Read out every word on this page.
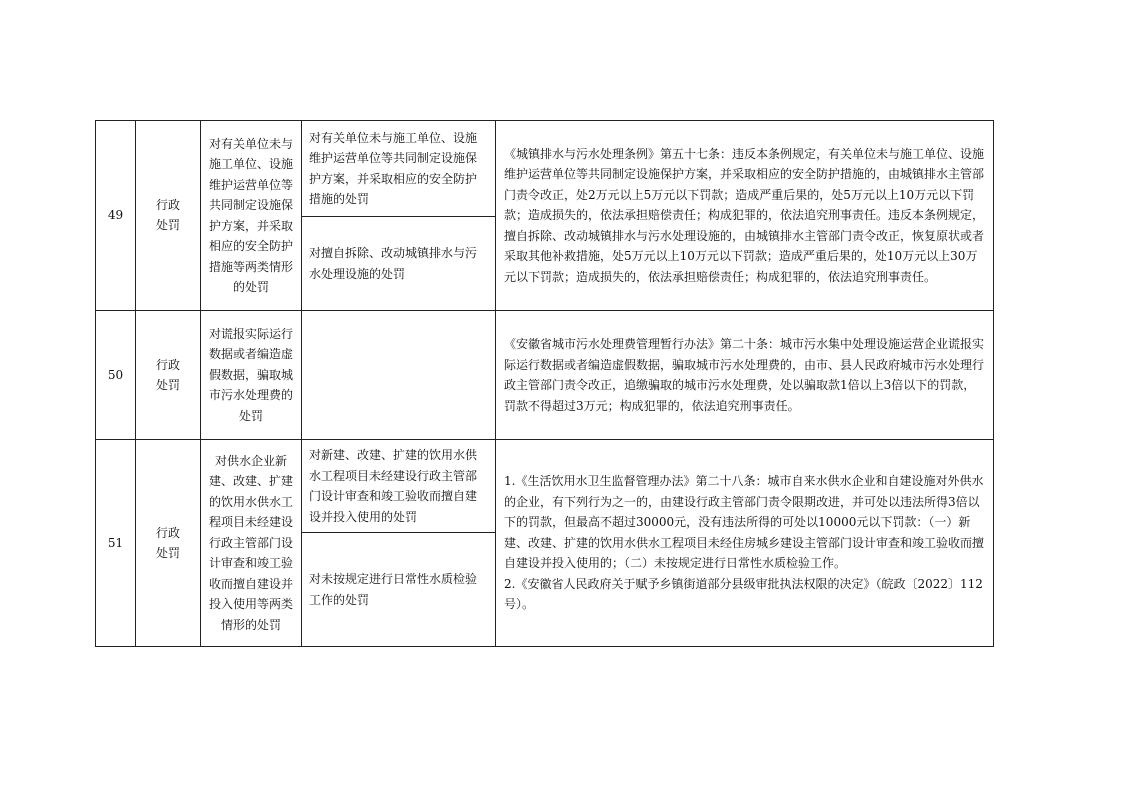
49	行政处罚	对有关单位未与施工单位、设施维护运营单位等共同制定设施保护方案，并采取相应的安全防护措施等两类情形的处罚	对有关单位未与施工单位、设施维护运营单位等共同制定设施保护方案，并采取相应的安全防护措施的处罚	《城镇排水与污水处理条例》第五十七条：违反本条例规定，有关单位未与施工单位、设施维护运营单位等共同制定设施保护方案，并采取相应的安全防护措施的，由城镇排水主管部门责令改正，处2万元以上5万元以下罚款；造成严重后果的，处5万元以上10万元以下罚款；造成损失的，依法承担赔偿责任；构成犯罪的，依法追究刑事责任。违反本条例规定，擅自拆除、改动城镇排水与污水处理设施的，由城镇排水主管部门责令改正，恢复原状或者采取其他补救措施，处5万元以上10万元以下罚款；造成严重后果的，处10万元以上30万元以下罚款；造成损失的，依法承担赔偿责任；构成犯罪的，依法追究刑事责任。
			对擅自拆除、改动城镇排水与污水处理设施的处罚	
50	行政处罚	对谎报实际运行数据或者编造虚假数据，骗取城市污水处理费的处罚		《安徽省城市污水处理费管理暂行办法》第二十条：城市污水集中处理设施运营企业谎报实际运行数据或者编造虚假数据，骗取城市污水处理费的，由市、县人民政府城市污水处理行政主管部门责令改正，追缴骗取的城市污水处理费，处以骗取款1倍以上3倍以下的罚款，罚款不得超过3万元；构成犯罪的，依法追究刑事责任。
51	行政处罚	对供水企业新建、改建、扩建的饮用水供水工程项目未经建设行政主管部门设计审查和竣工验收而擅自建设并投入使用等两类情形的处罚	对新建、改建、扩建的饮用水供水工程项目未经建设行政主管部门设计审查和竣工验收而擅自建设并投入使用的处罚	1.《生活饮用水卫生监督管理办法》第二十八条：城市自来水供水企业和自建设施对外供水的企业，有下列行为之一的，由建设行政主管部门责令限期改进，并可处以违法所得3倍以下的罚款，但最高不超过30000元，没有违法所得的可处以10000元以下罚款：（一）新建、改建、扩建的饮用水供水工程项目未经住房城乡建设主管部门设计审查和竣工验收而擅自建设并投入使用的；（二）未按规定进行日常性水质检验工作。
2.《安徽省人民政府关于赋予乡镇街道部分县级审批执法权限的决定》（皖政〔2022〕112号）。

			对未按规定进行日常性水质检验工作的处罚	
